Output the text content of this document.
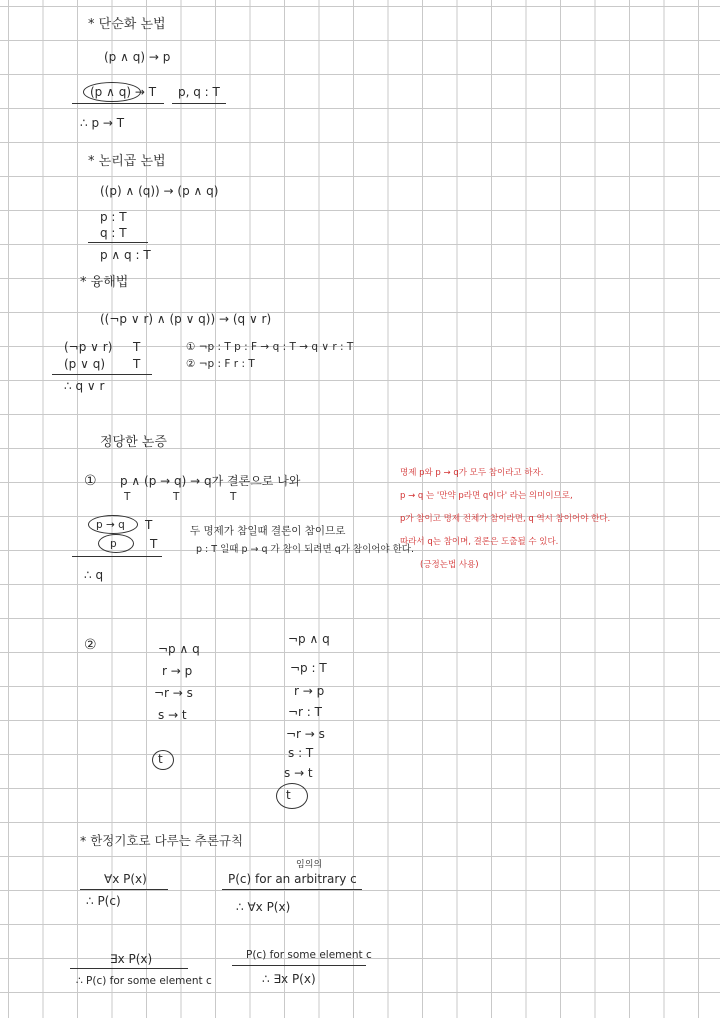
* 단순화 논법
(p ∧ q) → p
(p ∧ q) → T p, q : T
∴ p → T
* 논리곱 논법
((p) ∧ (q)) → (p ∧ q)
p : T
q : T
p ∧ q : T
* 융해법
((¬p ∨ r) ∧ (p ∨ q)) → (q ∨ r)
(¬p ∨ r) T
(p ∨ q) T
∴ q ∨ r
① ¬p : T p : F → q : T → q ∨ r : T
② ¬p : F r : T
정당한 논증
① p ∧ (p → q) → q가 결론으로 나와
T	T	T
p → q T
p	T
∴ q
두 명제가 참일때 결론이 참이므로
p : T 일때 p → q 가 참이 되려면 q가 참이어야 한다.
명제 p와 p → q가 모두 참이라고 하자.
p → q 는 '만약 p라면 q이다' 라는 의미이므로,
p가 참이고 명제 전체가 참이라면, q 역시 참이어야 한다.
따라서 q는 참이며, 결론은 도출될 수 있다.
(긍정논법 사용)
②	¬p ∧ q
r → p
¬r → s
s → t
t
¬p ∧ q
¬p : T
r → p
¬r : T
¬r → s
s : T
s → t
t
* 한정기호로 다루는 추론규칙
∀x P(x)
∴ P(c)
임의의
P(c) for an arbitrary c
∴ ∀x P(x)
∃x P(x)
∴ P(c) for some element c
P(c) for some element c
∴ ∃x P(x)
